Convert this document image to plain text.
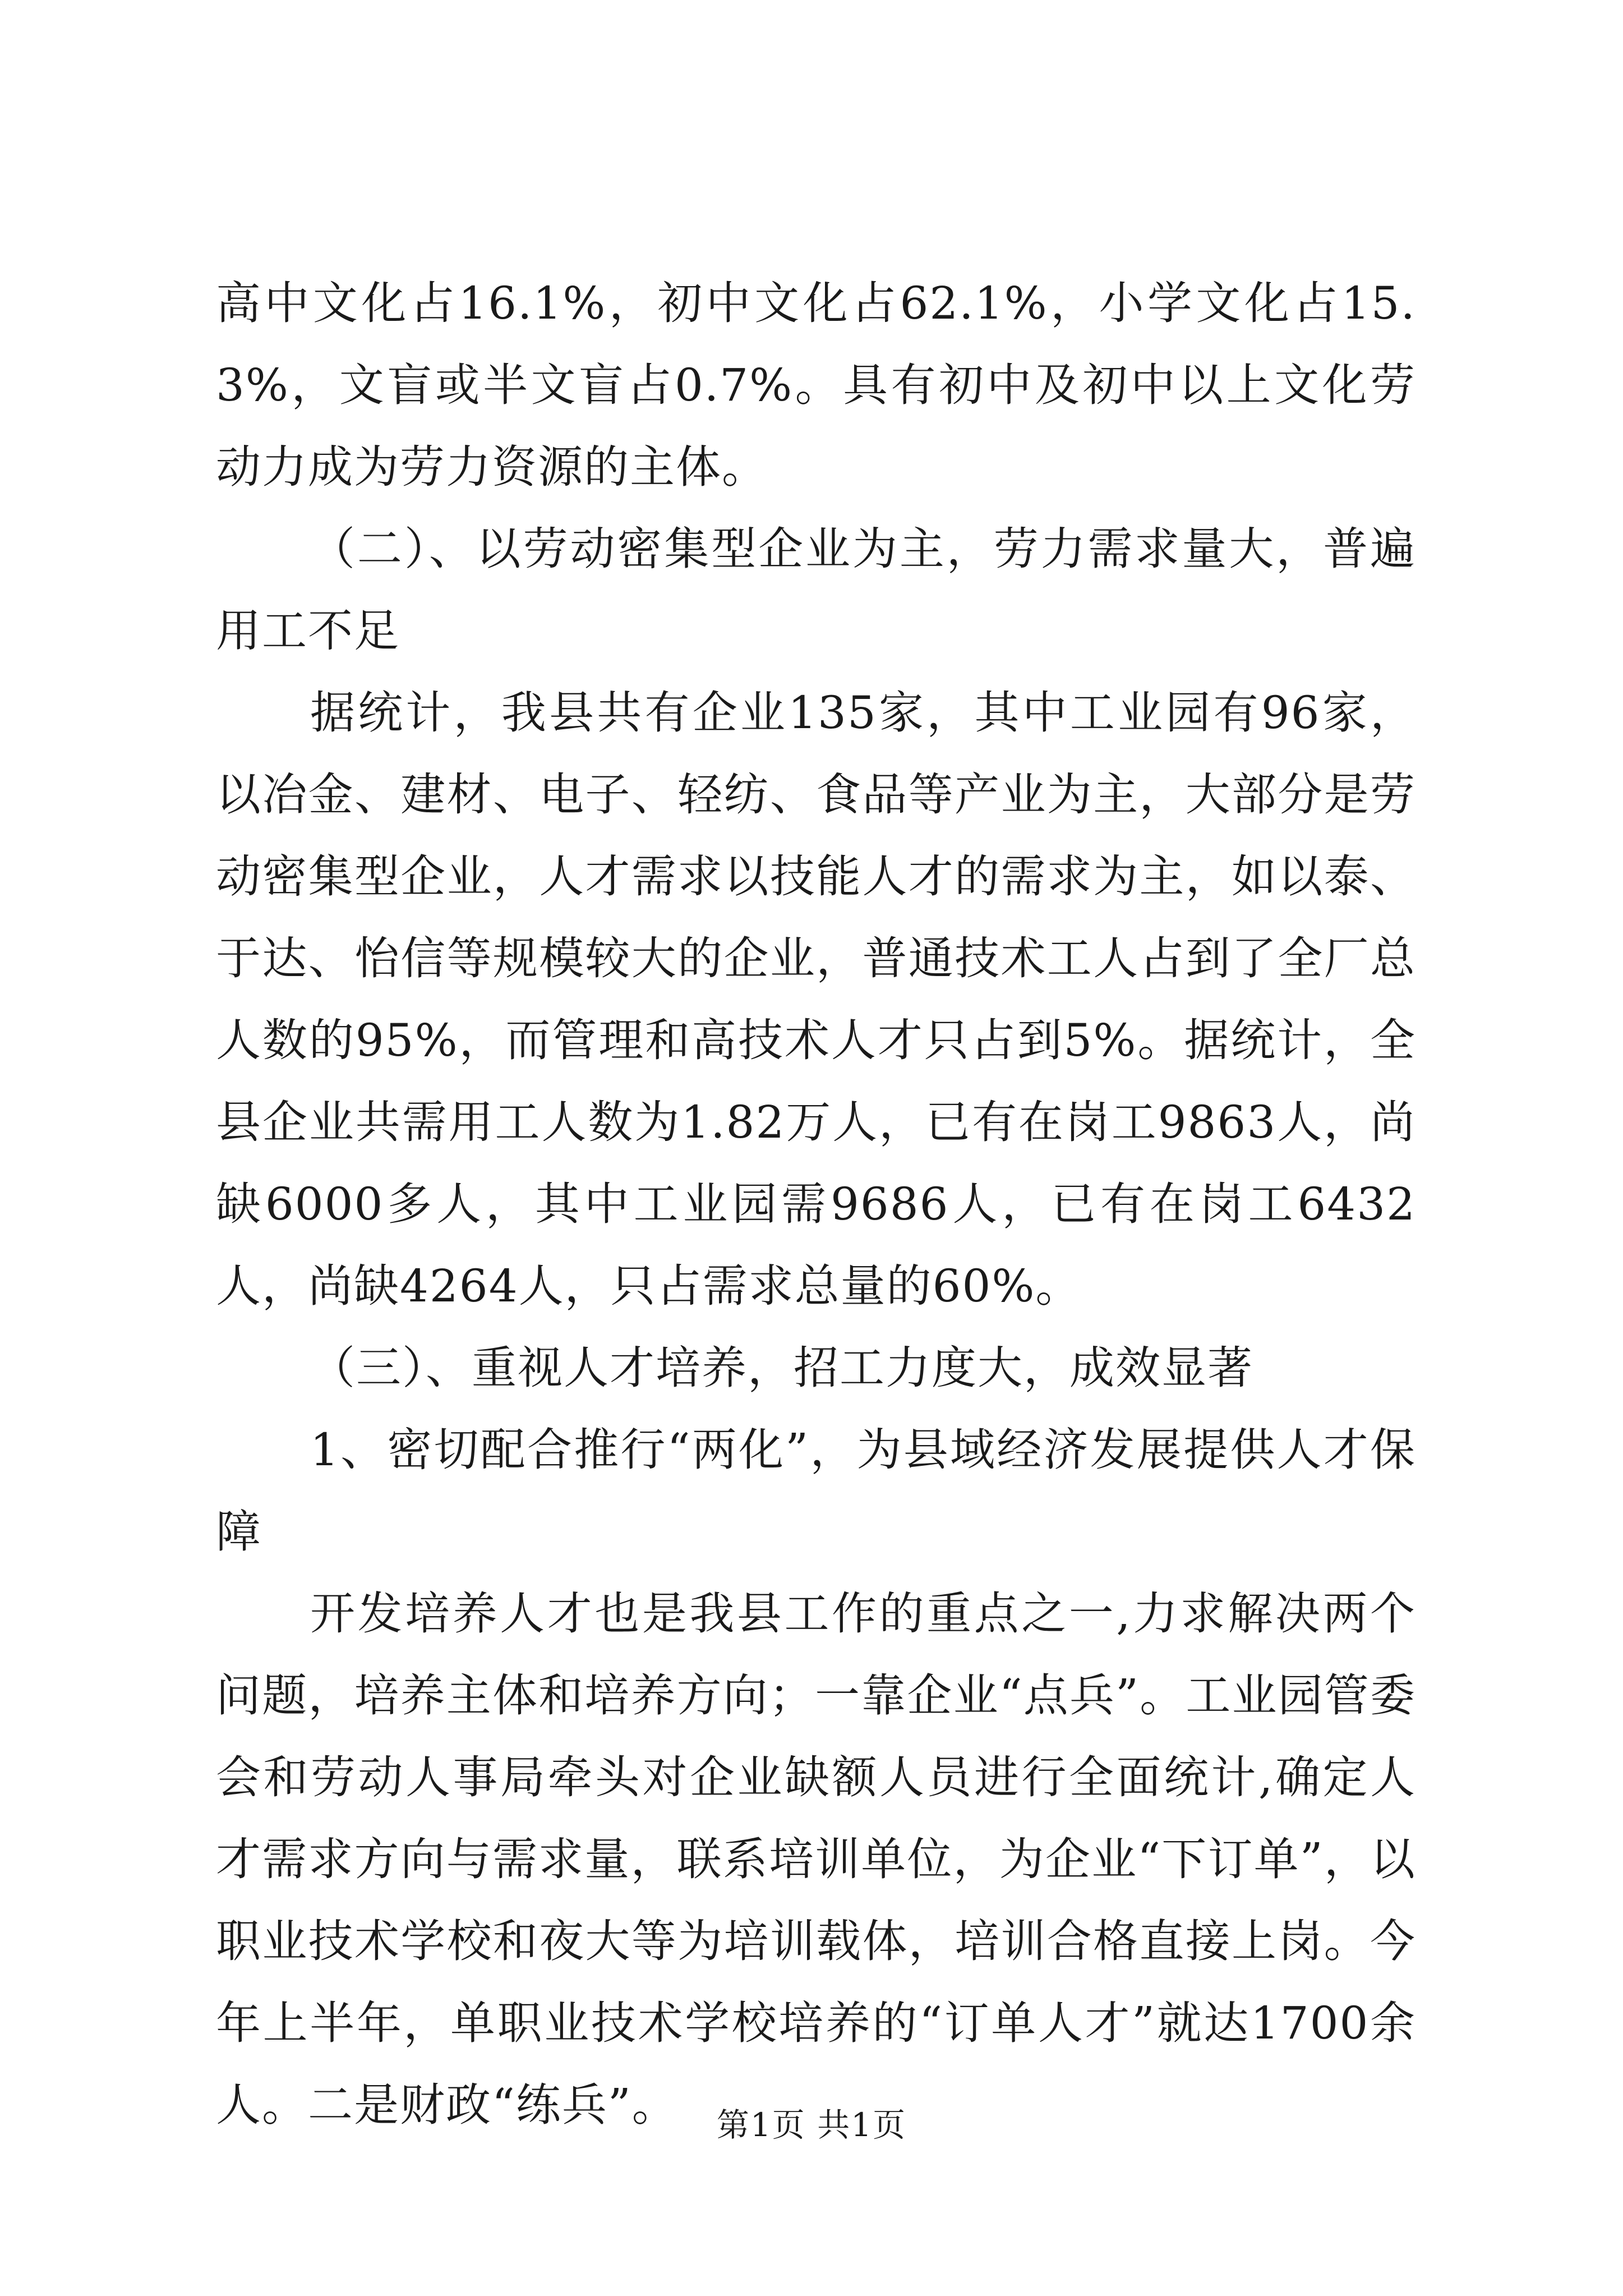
高中文化占16.1%，初中文化占62.1%，小学文化占15.3%，文盲或半文盲占0.7%。具有初中及初中以上文化劳动力成为劳力资源的主体。

（二）、以劳动密集型企业为主，劳力需求量大，普遍用工不足

据统计，我县共有企业135家，其中工业园有96家，以冶金、建材、电子、轻纺、食品等产业为主，大部分是劳动密集型企业，人才需求以技能人才的需求为主，如以泰、于达、怡信等规模较大的企业，普通技术工人占到了全厂总人数的95%，而管理和高技术人才只占到5%。据统计，全县企业共需用工人数为1.82万人，已有在岗工9863人，尚缺6000多人，其中工业园需9686人，已有在岗工6432人，尚缺4264人，只占需求总量的60%。

（三）、重视人才培养，招工力度大，成效显著

1、密切配合推行“两化”，为县域经济发展提供人才保障

开发培养人才也是我县工作的重点之一,力求解决两个问题，培养主体和培养方向；一靠企业“点兵”。工业园管委会和劳动人事局牵头对企业缺额人员进行全面统计,确定人才需求方向与需求量，联系培训单位，为企业“下订单”，以职业技术学校和夜大等为培训载体，培训合格直接上岗。今年上半年，单职业技术学校培养的“订单人才”就达1700余人。二是财政“练兵”。	第1页 共1页
